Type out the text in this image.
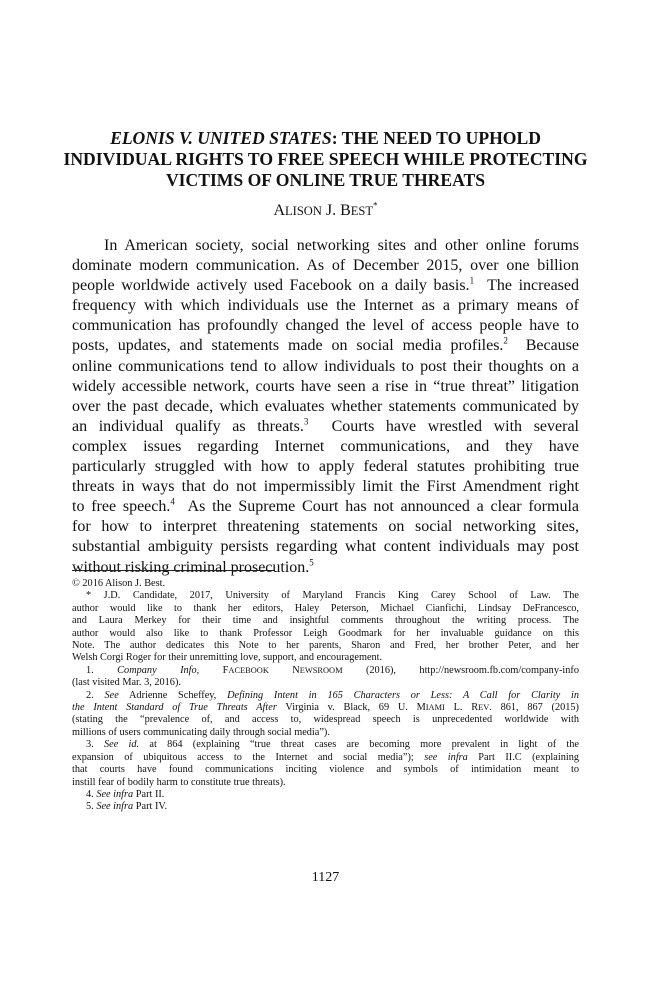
ELONIS V. UNITED STATES: THE NEED TO UPHOLD
INDIVIDUAL RIGHTS TO FREE SPEECH WHILE PROTECTING
VICTIMS OF ONLINE TRUE THREATS
ALISON J. BEST*
In American society, social networking sites and other online forums
dominate modern communication. As of December 2015, over one billion
people worldwide actively used Facebook on a daily basis.$^1$  The increased
frequency with which individuals use the Internet as a primary means of
communication has profoundly changed the level of access people have to
posts, updates, and statements made on social media profiles.$^2$  Because
online communications tend to allow individuals to post their thoughts on a
widely accessible network, courts have seen a rise in “true threat” litigation
over the past decade, which evaluates whether statements communicated by
an individual qualify as threats.$^3$  Courts have wrestled with several
complex issues regarding Internet communications, and they have
particularly struggled with how to apply federal statutes prohibiting true
threats in ways that do not impermissibly limit the First Amendment right
to free speech.$^4$  As the Supreme Court has not announced a clear formula
for how to interpret threatening statements on social networking sites,
substantial ambiguity persists regarding what content individuals may post
without risking criminal prosecution.$^5$
© 2016 Alison J. Best.
* J.D. Candidate, 2017, University of Maryland Francis King Carey School of Law. The
author would like to thank her editors, Haley Peterson, Michael Cianfichi, Lindsay DeFrancesco,
and Laura Merkey for their time and insightful comments throughout the writing process. The
author would also like to thank Professor Leigh Goodmark for her invaluable guidance on this
Note. The author dedicates this Note to her parents, Sharon and Fred, her brother Peter, and her
Welsh Corgi Roger for their unremitting love, support, and encouragement.
1. Company Info, FACEBOOK NEWSROOM (2016), http://newsroom.fb.com/company-info
(last visited Mar. 3, 2016).
2. See Adrienne Scheffey, Defining Intent in 165 Characters or Less: A Call for Clarity in
the Intent Standard of True Threats After Virginia v. Black, 69 U. MIAMI L. REV. 861, 867 (2015)
(stating the “prevalence of, and access to, widespread speech is unprecedented worldwide with
millions of users communicating daily through social media”).
3. See id. at 864 (explaining “true threat cases are becoming more prevalent in light of the
expansion of ubiquitous access to the Internet and social media”); see infra Part II.C (explaining
that courts have found communications inciting violence and symbols of intimidation meant to
instill fear of bodily harm to constitute true threats).
4. See infra Part II.
5. See infra Part IV.
1127
